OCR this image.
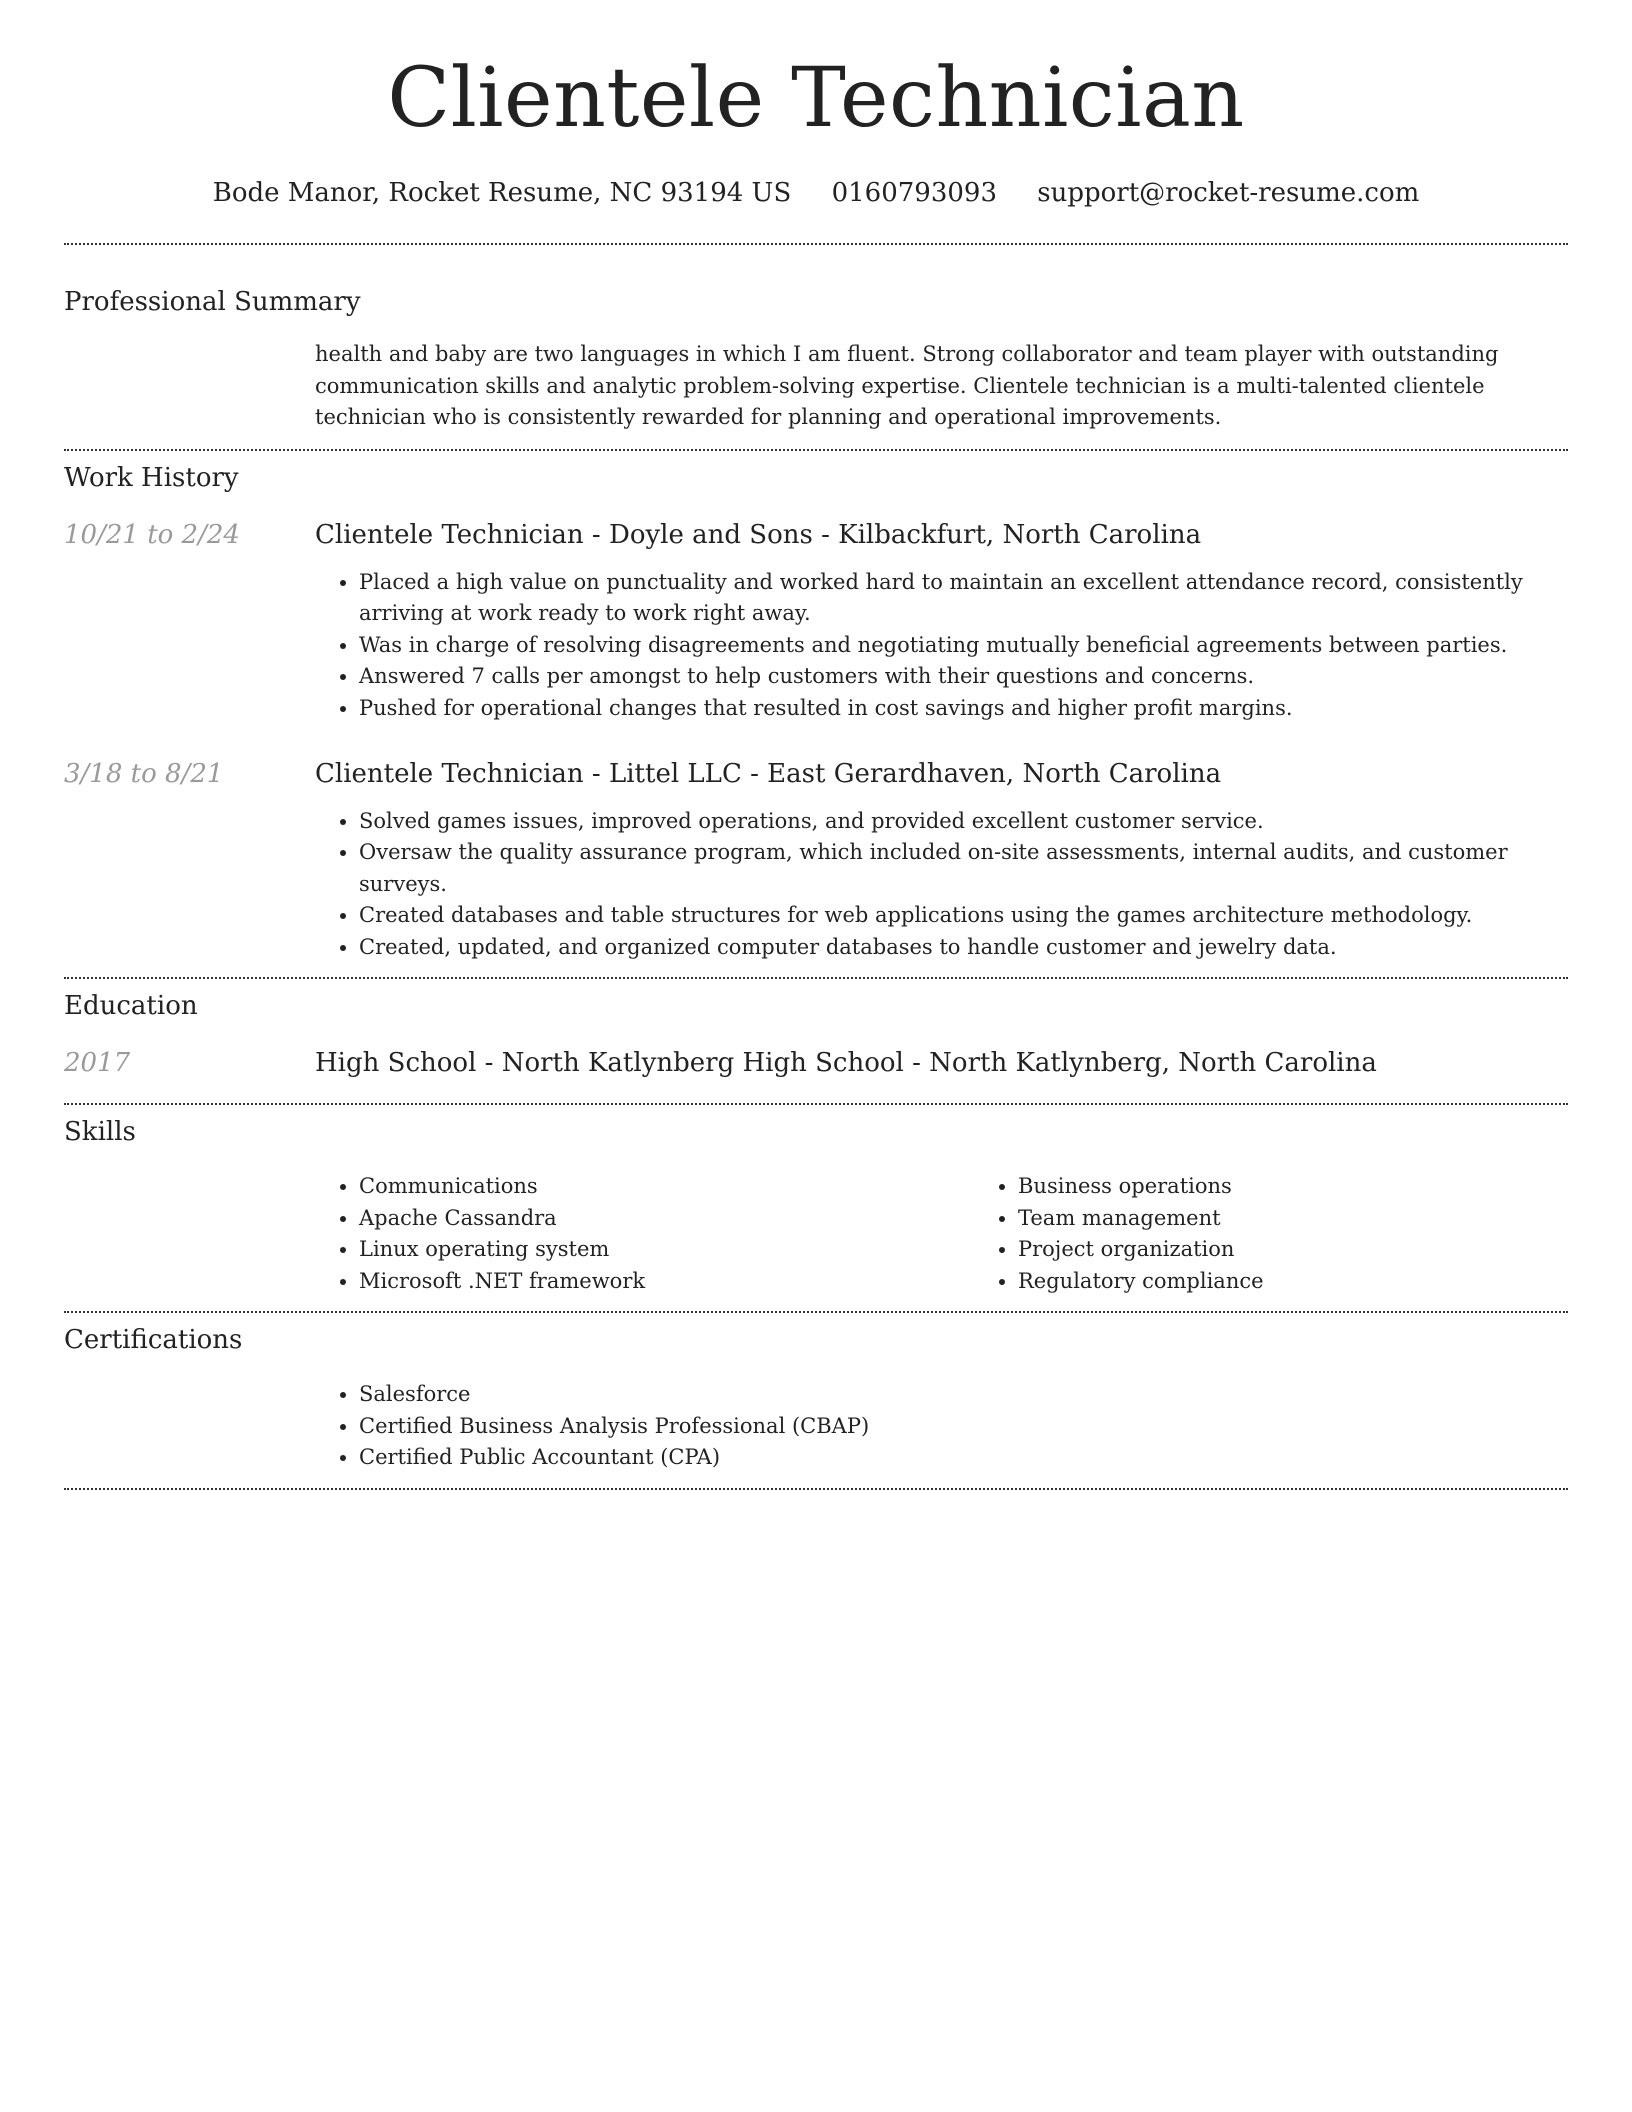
Clientele Technician
Bode Manor, Rocket Resume, NC 93194 US 0160793093 support@rocket-resume.com
Professional Summary
health and baby are two languages in which I am fluent. Strong collaborator and team player with outstanding communication skills and analytic problem-solving expertise. Clientele technician is a multi-talented clientele technician who is consistently rewarded for planning and operational improvements.
Work History
10/21 to 2/24	Clientele Technician - Doyle and Sons - Kilbackfurt, North Carolina
• Placed a high value on punctuality and worked hard to maintain an excellent attendance record, consistently arriving at work ready to work right away.
• Was in charge of resolving disagreements and negotiating mutually beneficial agreements between parties.
• Answered 7 calls per amongst to help customers with their questions and concerns.
• Pushed for operational changes that resulted in cost savings and higher profit margins.
3/18 to 8/21	Clientele Technician - Littel LLC - East Gerardhaven, North Carolina
• Solved games issues, improved operations, and provided excellent customer service.
• Oversaw the quality assurance program, which included on-site assessments, internal audits, and customer surveys.
• Created databases and table structures for web applications using the games architecture methodology.
• Created, updated, and organized computer databases to handle customer and jewelry data.
Education
2017	High School - North Katlynberg High School - North Katlynberg, North Carolina
Skills
• Communications
• Apache Cassandra
• Linux operating system
• Microsoft .NET framework
• Business operations
• Team management
• Project organization
• Regulatory compliance
Certifications
• Salesforce
• Certified Business Analysis Professional (CBAP)
• Certified Public Accountant (CPA)
